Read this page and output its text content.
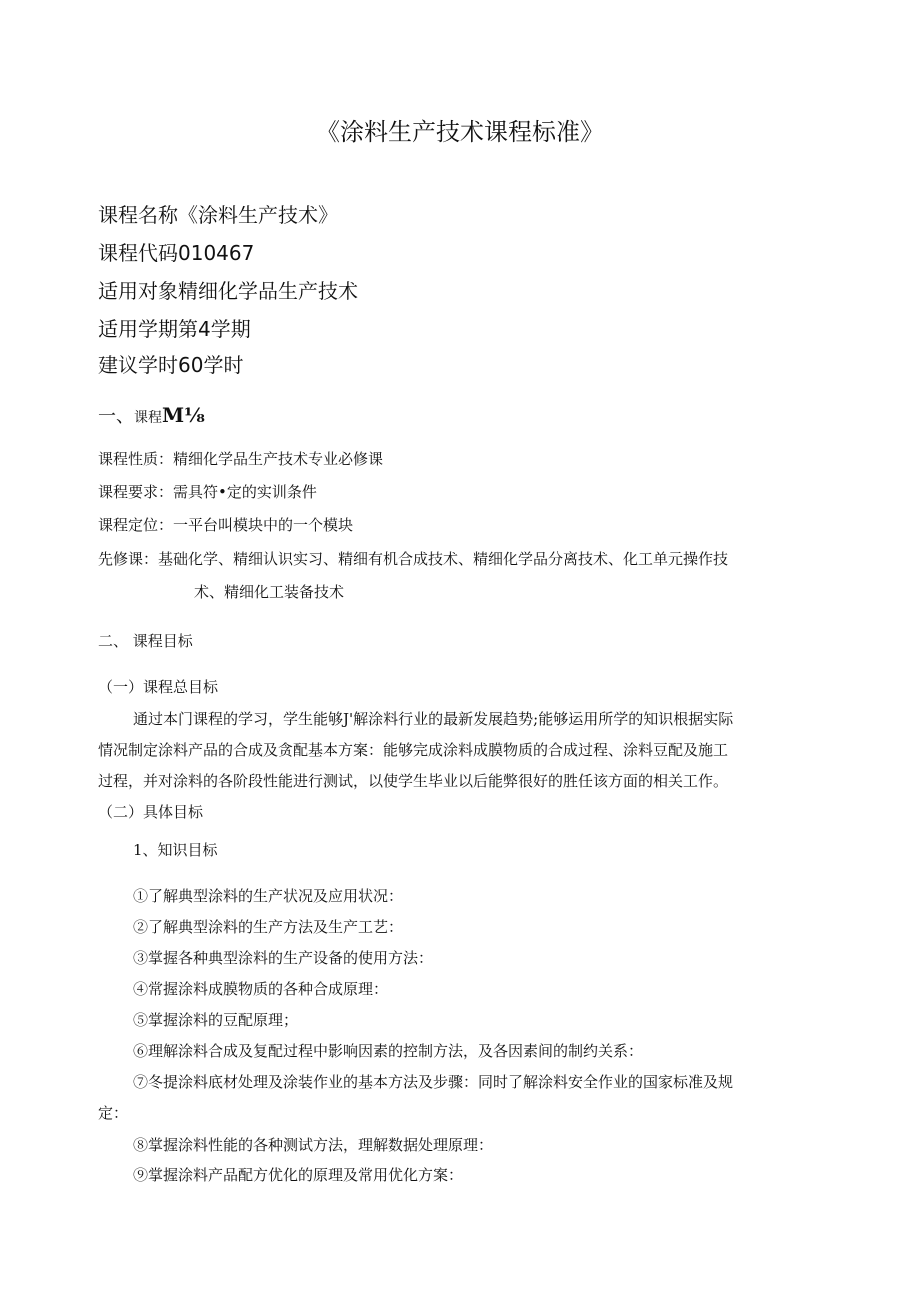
《涂料生产技术课程标准》
课程名称《涂料生产技术》
课程代码010467
适用对象精细化学品生产技术
适用学期第4学期
建议学时60学时
一、课程M⅛
课程性质：精细化学品生产技术专业必修课
课程要求：需具符•定的实训条件
课程定位：一平台叫模块中的一个模块
先修课：基础化学、精细认识实习、精细有机合成技术、精细化学品分离技术、化工单元操作技
术、精细化工装备技术
二、 课程目标
（一）课程总目标
通过本门课程的学习，学生能够J'解涂料行业的最新发展趋势;能够运用所学的知识根据实际
情况制定涂料产品的合成及贪配基本方案：能够完成涂料成膜物质的合成过程、涂料豆配及施工
过程，并对涂料的各阶段性能进行测试，以使学生毕业以后能弊很好的胜任该方面的相关工作。
（二）具体目标
1、知识目标
①了解典型涂料的生产状况及应用状况：
②了解典型涂料的生产方法及生产工艺：
③掌握各种典型涂料的生产设备的使用方法：
④常握涂料成膜物质的各种合成原理：
⑤掌握涂料的豆配原理；
⑥理解涂料合成及复配过程中影响因素的控制方法，及各因素间的制约关系：
⑦冬提涂料底材处理及涂装作业的基本方法及步骤：同时了解涂料安全作业的国家标准及规
定：
⑧掌握涂料性能的各种测试方法，理解数据处理原理：
⑨掌握涂料产品配方优化的原理及常用优化方案：
